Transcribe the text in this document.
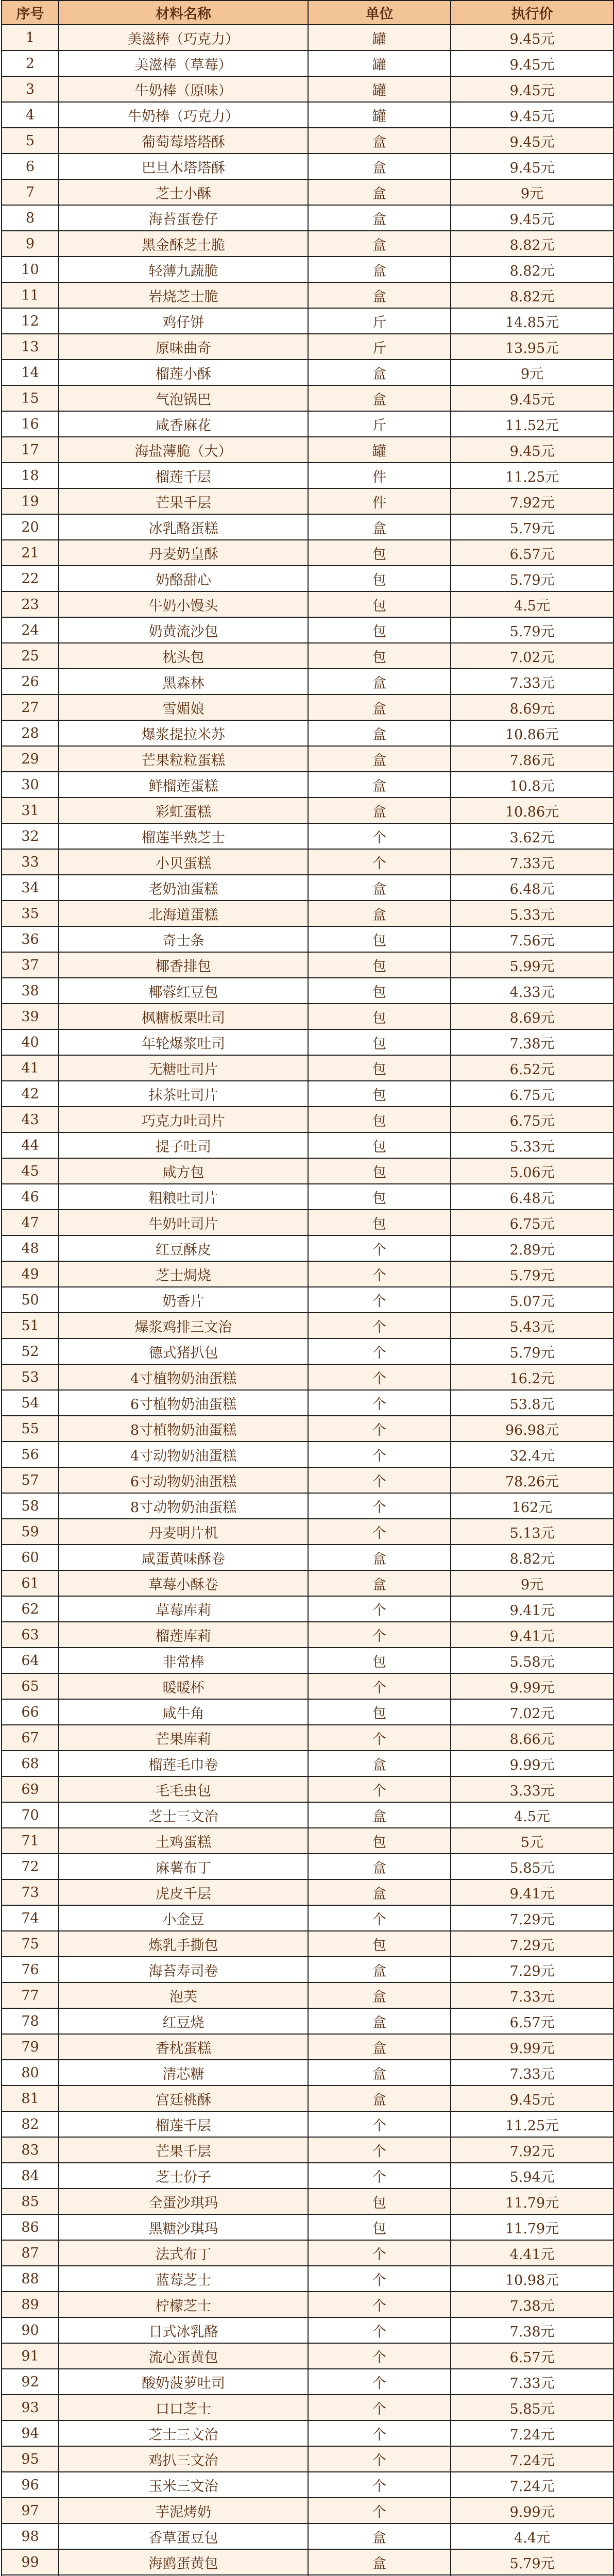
序号	材料名称	单位	执行价
1	美滋棒（巧克力）	罐	9.45元
2	美滋棒（草莓）	罐	9.45元
3	牛奶棒（原味）	罐	9.45元
4	牛奶棒（巧克力）	罐	9.45元
5	葡萄莓塔塔酥	盒	9.45元
6	巴旦木塔塔酥	盒	9.45元
7	芝士小酥	盒	9元
8	海苔蛋卷仔	盒	9.45元
9	黑金酥芝士脆	盒	8.82元
10	轻薄九蔬脆	盒	8.82元
11	岩烧芝士脆	盒	8.82元
12	鸡仔饼	斤	14.85元
13	原味曲奇	斤	13.95元
14	榴莲小酥	盒	9元
15	气泡锅巴	盒	9.45元
16	咸香麻花	斤	11.52元
17	海盐薄脆（大）	罐	9.45元
18	榴莲千层	件	11.25元
19	芒果千层	件	7.92元
20	冰乳酪蛋糕	盒	5.79元
21	丹麦奶皇酥	包	6.57元
22	奶酪甜心	包	5.79元
23	牛奶小馒头	包	4.5元
24	奶黄流沙包	包	5.79元
25	枕头包	包	7.02元
26	黑森林	盒	7.33元
27	雪媚娘	盒	8.69元
28	爆浆提拉米苏	盒	10.86元
29	芒果粒粒蛋糕	盒	7.86元
30	鲜榴莲蛋糕	盒	10.8元
31	彩虹蛋糕	盒	10.86元
32	榴莲半熟芝士	个	3.62元
33	小贝蛋糕	个	7.33元
34	老奶油蛋糕	盒	6.48元
35	北海道蛋糕	盒	5.33元
36	奇士条	包	7.56元
37	椰香排包	包	5.99元
38	椰蓉红豆包	包	4.33元
39	枫糖板栗吐司	包	8.69元
40	年轮爆浆吐司	包	7.38元
41	无糖吐司片	包	6.52元
42	抹茶吐司片	包	6.75元
43	巧克力吐司片	包	6.75元
44	提子吐司	包	5.33元
45	咸方包	包	5.06元
46	粗粮吐司片	包	6.48元
47	牛奶吐司片	包	6.75元
48	红豆酥皮	个	2.89元
49	芝士焗烧	个	5.79元
50	奶香片	个	5.07元
51	爆浆鸡排三文治	个	5.43元
52	德式猪扒包	个	5.79元
53	4寸植物奶油蛋糕	个	16.2元
54	6寸植物奶油蛋糕	个	53.8元
55	8寸植物奶油蛋糕	个	96.98元
56	4寸动物奶油蛋糕	个	32.4元
57	6寸动物奶油蛋糕	个	78.26元
58	8寸动物奶油蛋糕	个	162元
59	丹麦明片机	个	5.13元
60	咸蛋黄味酥卷	盒	8.82元
61	草莓小酥卷	盒	9元
62	草莓库莉	个	9.41元
63	榴莲库莉	个	9.41元
64	非常棒	包	5.58元
65	暖暖杯	个	9.99元
66	咸牛角	包	7.02元
67	芒果库莉	个	8.66元
68	榴莲毛巾卷	盒	9.99元
69	毛毛虫包	个	3.33元
70	芝士三文治	盒	4.5元
71	土鸡蛋糕	包	5元
72	麻薯布丁	盒	5.85元
73	虎皮千层	盒	9.41元
74	小金豆	个	7.29元
75	炼乳手撕包	包	7.29元
76	海苔寿司卷	盒	7.29元
77	泡芙	盒	7.33元
78	红豆烧	盒	6.57元
79	香枕蛋糕	盒	9.99元
80	清芯糖	盒	7.33元
81	宫廷桃酥	盒	9.45元
82	榴莲千层	个	11.25元
83	芒果千层	个	7.92元
84	芝士份子	个	5.94元
85	全蛋沙琪玛	包	11.79元
86	黑糖沙琪玛	包	11.79元
87	法式布丁	个	4.41元
88	蓝莓芝士	个	10.98元
89	柠檬芝士	个	7.38元
90	日式冰乳酪	个	7.38元
91	流心蛋黄包	个	6.57元
92	酸奶菠萝吐司	个	7.33元
93	口口芝士	个	5.85元
94	芝士三文治	个	7.24元
95	鸡扒三文治	个	7.24元
96	玉米三文治	个	7.24元
97	芋泥烤奶	个	9.99元
98	香草蛋豆包	盒	4.4元
99	海鸥蛋黄包	盒	5.79元
